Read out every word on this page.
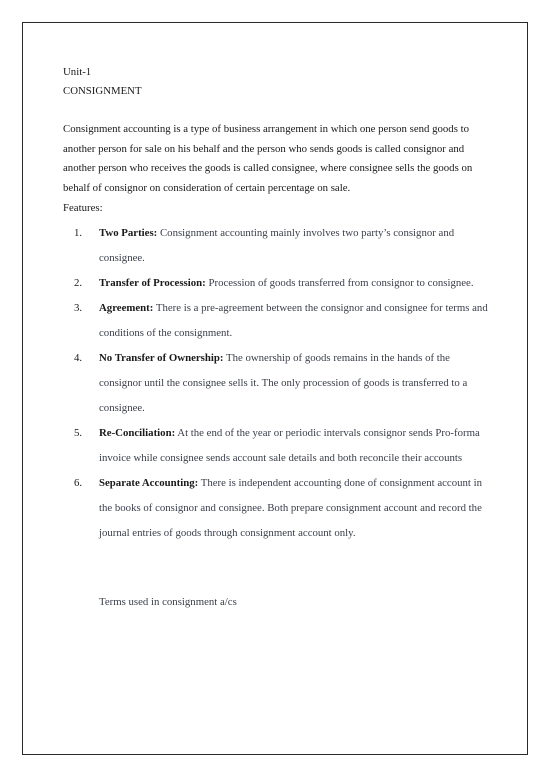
Unit-1

CONSIGNMENT

Consignment accounting is a type of business arrangement in which one person send goods to another person for sale on his behalf and the person who sends goods is called consignor and another person who receives the goods is called consignee, where consignee sells the goods on behalf of consignor on consideration of certain percentage on sale.

Features:

1. Two Parties: Consignment accounting mainly involves two party’s consignor and consignee.
2. Transfer of Procession: Procession of goods transferred from consignor to consignee.
3. Agreement: There is a pre-agreement between the consignor and consignee for terms and conditions of the consignment.
4. No Transfer of Ownership: The ownership of goods remains in the hands of the consignor until the consignee sells it. The only procession of goods is transferred to a consignee.
5. Re-Conciliation: At the end of the year or periodic intervals consignor sends Pro-forma invoice while consignee sends account sale details and both reconcile their accounts
6. Separate Accounting: There is independent accounting done of consignment account in the books of consignor and consignee. Both prepare consignment account and record the journal entries of goods through consignment account only.

Terms used in consignment a/cs
